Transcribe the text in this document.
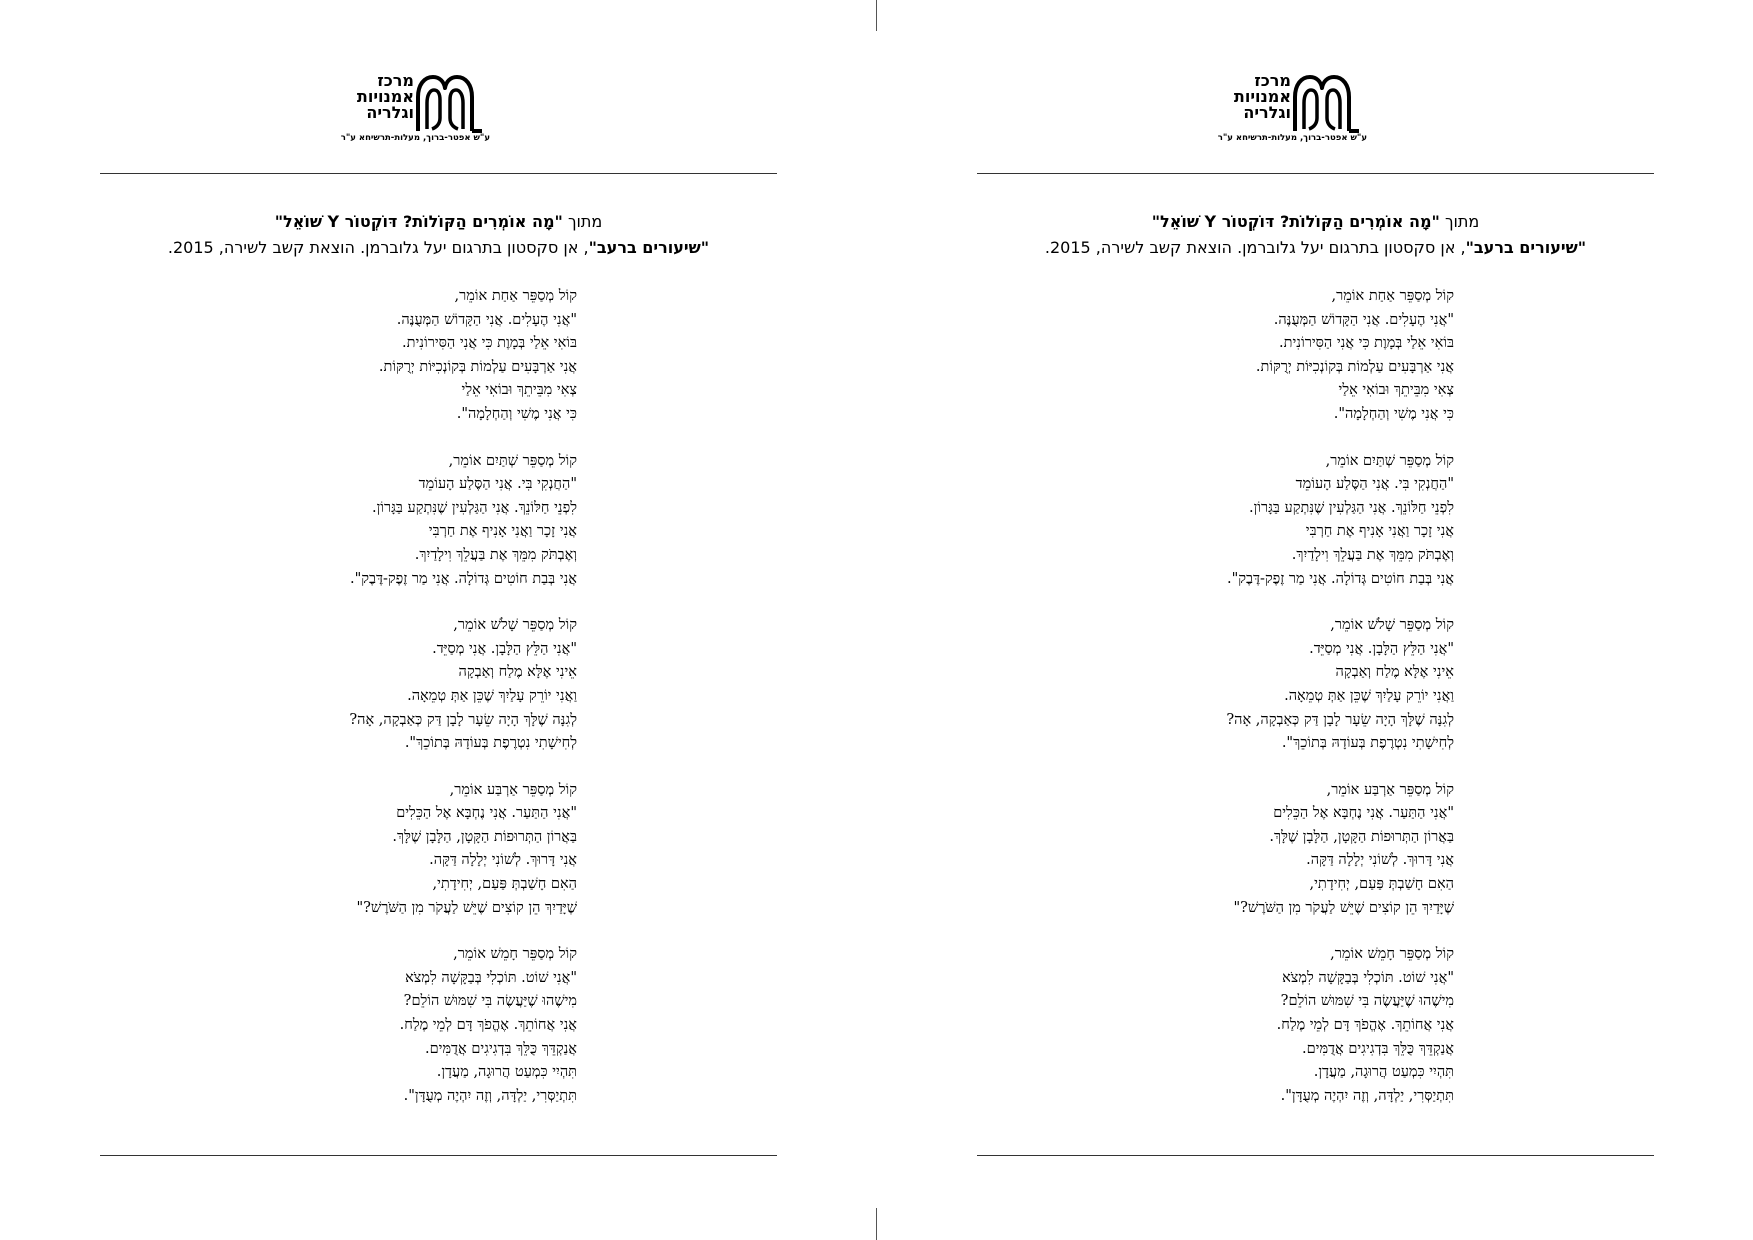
מרכז
אמנויות
וגלריה
ע"ש אפטר-ברוך, מעלות-תרשיחא ע"ר
מתוך "מָה אוֹמְרִים הַקּוֹלוֹת? דּוֹקְטוֹר Y שׁוֹאֵל"
"שיעורים ברעב", אן סקסטון בתרגום יעל גלוברמן. הוצאת קשב לשירה, 2015.
קוֹל מְסַפֵּר אַחַת אוֹמֵר,
"אֲנִי הֶעָלִים. אֲנִי הַקָּדוֹשׁ הַמְּעֻנֶּה.
בּוֹאִי אֵלַי בְּמָוֶת כִּי אֲנִי הַסִּירוֹנִית.
אֲנִי אַרְבָּעִים עַלְמוֹת בְּקוֹנְכִיּוֹת יְרֻקּוֹת.
צְאִי מִבֵּיתֵךְ וּבוֹאִי אֵלַי
כִּי אֲנִי מֶשִׁי וְהַחְלָמָה".
קוֹל מְסַפֵּר שְׁתַּיִם אוֹמֵר,
"הַחֲנְקִי בִּי. אֲנִי הַסֶּלַע הָעוֹמֵד
לִפְנֵי חַלּוֹנֵךְ. אֲנִי הַגַּלְעִין שֶׁנִּתְקַע בַּגָּרוֹן.
אֲנִי זָכָר וַאֲנִי אָנִיף אֶת חַרְבִּי
וְאֶבְתֹּק מִמֵּךְ אֶת בַּעֲלֵךְ וִילָדַיִךְ.
אֲנִי בְּבַת חוֹטִים גְּדוֹלָה. אֲנִי מַר זֶפֶק-דֶּבֶק".
קוֹל מְסַפֵּר שָׁלֹשׁ אוֹמֵר,
"אֲנִי הַלֵּץ הַלָּבָן. אֲנִי מְסַיֵּד.
אֵינִי אֶלָּא מֶלַח וְאַבְקָה
וַאֲנִי יוֹרֵק עָלַיִךְ שֶׁכֵּן אַתְּ טְמֵאָה.
לְגִנָּה שֶׁלָּךְ הָיָה שֵׂעָר לָבָן דַּק כְּאַבְקָה, אָה?
לְחִישָׁתִי נִטְרֶפֶת בְּעוֹדָהּ בְּתוֹכֵךְ".
קוֹל מְסַפֵּר אַרְבַּע אוֹמֵר,
"אֲנִי הַתַּעַר. אֲנִי נֶחְבָּא אֶל הַכֵּלִים
בַּאֲרוֹן הַתְּרוּפוֹת הַקָּטָן, הַלָּבָן שֶׁלָּךְ.
אֲנִי דָּרוּךְ. לְשׁוֹנִי יְלָלָה דַּקָּה.
הַאִם חָשַׁבְתְּ פַּעַם, יְחִידָתִי,
שֶׁיָּדַיִךְ הֵן קוֹצִים שֶׁיֵּשׁ לַעֲקֹר מִן הַשֹּׁרֶשׁ?"
קוֹל מְסַפֵּר חָמֵשׁ אוֹמֵר,
"אֲנִי שׁוֹט. תּוֹכְלִי בְּבַקָּשָׁה לִמְצֹא
מִישֶׁהוּ שֶׁיַּעֲשֶׂה בִּי שִׁמּוּשׁ הוֹלֵם?
אֲנִי אֲחוֹתֵךְ. אֶהֱפֹךְ דָּם לְמֵי מֶלַח.
אֲנַקְדֵּךְ כֻּלֵּךְ בִּדְגִיגִים אֲדֻמִּים.
תִּהְיִי כִּמְעַט הֲרוּגָה, מַעֲדָן.
תִּתְיַסְּרִי, יַלְדָּה, וְזֶה יִהְיֶה מְעֻדָּן".
מרכז
אמנויות
וגלריה
ע"ש אפטר-ברוך, מעלות-תרשיחא ע"ר
מתוך "מָה אוֹמְרִים הַקּוֹלוֹת? דּוֹקְטוֹר Y שׁוֹאֵל"
"שיעורים ברעב", אן סקסטון בתרגום יעל גלוברמן. הוצאת קשב לשירה, 2015.
קוֹל מְסַפֵּר אַחַת אוֹמֵר,
"אֲנִי הֶעָלִים. אֲנִי הַקָּדוֹשׁ הַמְּעֻנֶּה.
בּוֹאִי אֵלַי בְּמָוֶת כִּי אֲנִי הַסִּירוֹנִית.
אֲנִי אַרְבָּעִים עַלְמוֹת בְּקוֹנְכִיּוֹת יְרֻקּוֹת.
צְאִי מִבֵּיתֵךְ וּבוֹאִי אֵלַי
כִּי אֲנִי מֶשִׁי וְהַחְלָמָה".
קוֹל מְסַפֵּר שְׁתַּיִם אוֹמֵר,
"הַחֲנְקִי בִּי. אֲנִי הַסֶּלַע הָעוֹמֵד
לִפְנֵי חַלּוֹנֵךְ. אֲנִי הַגַּלְעִין שֶׁנִּתְקַע בַּגָּרוֹן.
אֲנִי זָכָר וַאֲנִי אָנִיף אֶת חַרְבִּי
וְאֶבְתֹּק מִמֵּךְ אֶת בַּעֲלֵךְ וִילָדַיִךְ.
אֲנִי בְּבַת חוֹטִים גְּדוֹלָה. אֲנִי מַר זֶפֶק-דֶּבֶק".
קוֹל מְסַפֵּר שָׁלֹשׁ אוֹמֵר,
"אֲנִי הַלֵּץ הַלָּבָן. אֲנִי מְסַיֵּד.
אֵינִי אֶלָּא מֶלַח וְאַבְקָה
וַאֲנִי יוֹרֵק עָלַיִךְ שֶׁכֵּן אַתְּ טְמֵאָה.
לְגִנָּה שֶׁלָּךְ הָיָה שֵׂעָר לָבָן דַּק כְּאַבְקָה, אָה?
לְחִישָׁתִי נִטְרֶפֶת בְּעוֹדָהּ בְּתוֹכֵךְ".
קוֹל מְסַפֵּר אַרְבַּע אוֹמֵר,
"אֲנִי הַתַּעַר. אֲנִי נֶחְבָּא אֶל הַכֵּלִים
בַּאֲרוֹן הַתְּרוּפוֹת הַקָּטָן, הַלָּבָן שֶׁלָּךְ.
אֲנִי דָּרוּךְ. לְשׁוֹנִי יְלָלָה דַּקָּה.
הַאִם חָשַׁבְתְּ פַּעַם, יְחִידָתִי,
שֶׁיָּדַיִךְ הֵן קוֹצִים שֶׁיֵּשׁ לַעֲקֹר מִן הַשֹּׁרֶשׁ?"
קוֹל מְסַפֵּר חָמֵשׁ אוֹמֵר,
"אֲנִי שׁוֹט. תּוֹכְלִי בְּבַקָּשָׁה לִמְצֹא
מִישֶׁהוּ שֶׁיַּעֲשֶׂה בִּי שִׁמּוּשׁ הוֹלֵם?
אֲנִי אֲחוֹתֵךְ. אֶהֱפֹךְ דָּם לְמֵי מֶלַח.
אֲנַקְדֵּךְ כֻּלֵּךְ בִּדְגִיגִים אֲדֻמִּים.
תִּהְיִי כִּמְעַט הֲרוּגָה, מַעֲדָן.
תִּתְיַסְּרִי, יַלְדָּה, וְזֶה יִהְיֶה מְעֻדָּן".
